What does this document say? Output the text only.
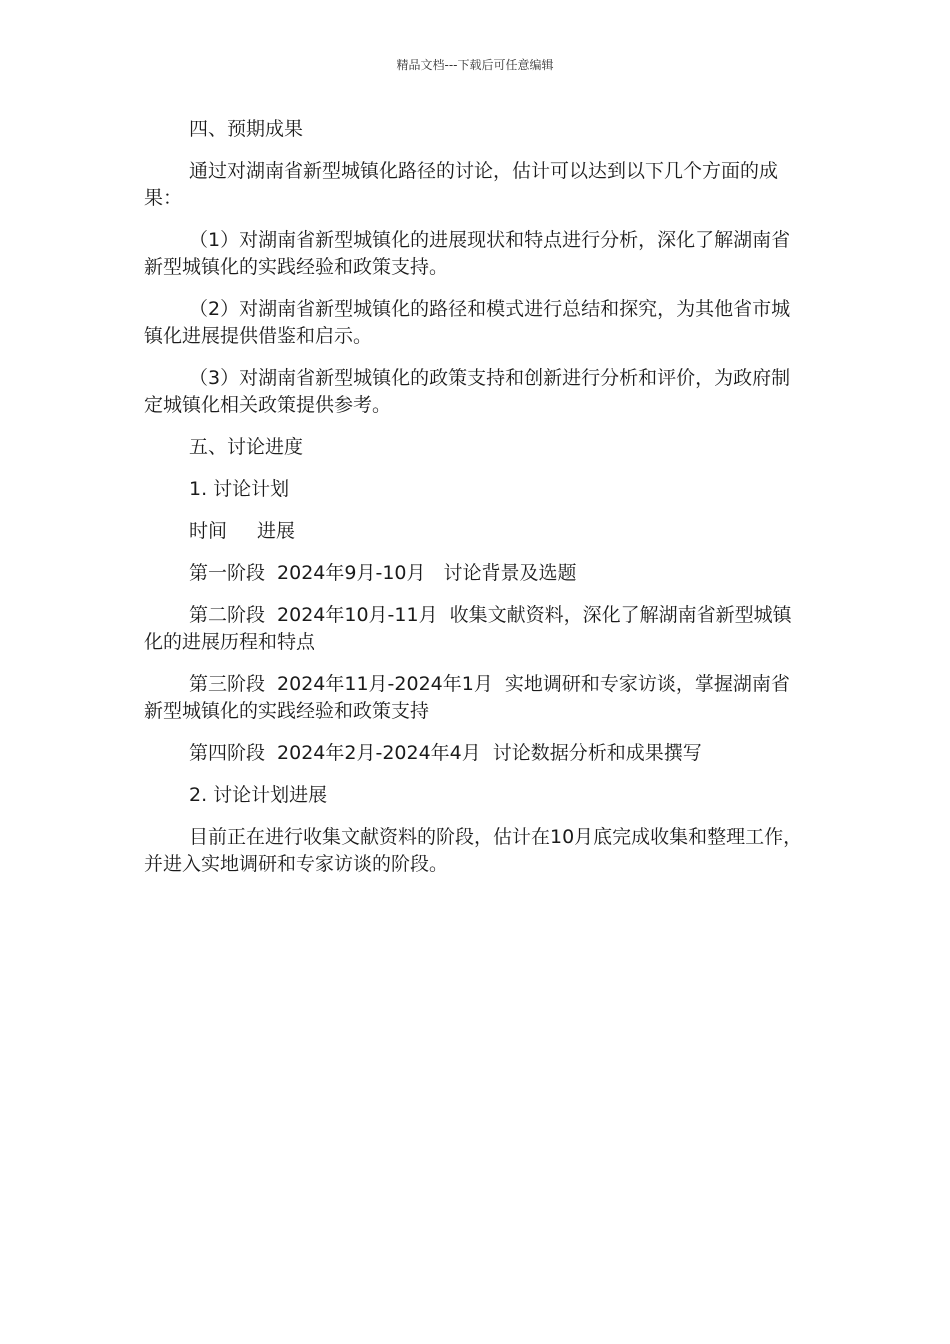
精品文档---下载后可任意编辑

四、预期成果

通过对湖南省新型城镇化路径的讨论，估计可以达到以下几个方面的成果：

（1）对湖南省新型城镇化的进展现状和特点进行分析，深化了解湖南省新型城镇化的实践经验和政策支持。

（2）对湖南省新型城镇化的路径和模式进行总结和探究，为其他省市城镇化进展提供借鉴和启示。

（3）对湖南省新型城镇化的政策支持和创新进行分析和评价，为政府制定城镇化相关政策提供参考。

五、讨论进度

1. 讨论计划

时间 进展
第一阶段 2024年9月-10月 讨论背景及选题
第二阶段 2024年10月-11月 收集文献资料，深化了解湖南省新型城镇化的进展历程和特点
第三阶段 2024年11月-2024年1月 实地调研和专家访谈，掌握湖南省新型城镇化的实践经验和政策支持
第四阶段 2024年2月-2024年4月 讨论数据分析和成果撰写

2. 讨论计划进展

目前正在进行收集文献资料的阶段，估计在10月底完成收集和整理工作，并进入实地调研和专家访谈的阶段。
